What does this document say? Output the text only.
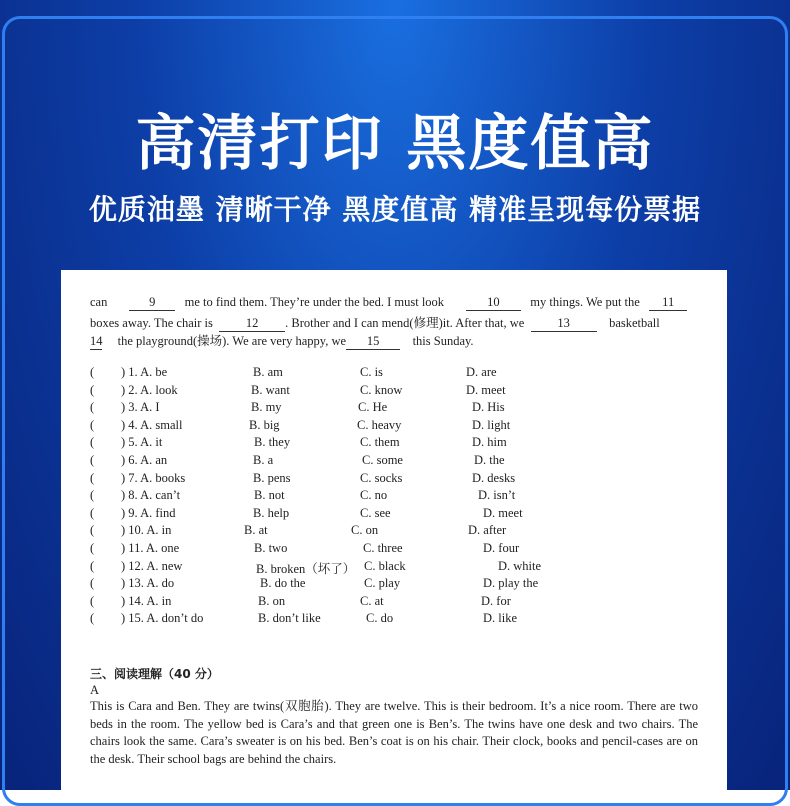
高清打印 黑度值高
优质油墨 清晰干净 黑度值高 精准呈现每份票据
can	9 me to find them. They’re under the bed. I must look	10 my things. We put the 11
boxes away. The chair is	12 . Brother and I can mend(修理)it. After that, we	13	basketball
14 the playground(操场). We are very happy, we 15	this Sunday.
( ) 1. A. be	B. am	C. is	D. are
( ) 2. A. look	B. want	C. know	D. meet
( ) 3. A. I	B. my	C. He	D. His
( ) 4. A. small	B. big	C. heavy	D. light
( ) 5. A. it	B. they	C. them	D. him
( ) 6. A. an	B. a	C. some	D. the
( ) 7. A. books	B. pens	C. socks	D. desks
( ) 8. A. can’t	B. not	C. no	D. isn’t
( ) 9. A. find	B. help	C. see	D. meet
( ) 10. A. in	B. at	C. on	D. after
( ) 11. A. one	B. two	C. three	D. four
( ) 12. A. new	B. broken（坏了） C. black	D. white
( ) 13. A. do	B. do the	C. play	D. play the
( ) 14. A. in	B. on	C. at	D. for
( ) 15. A. don’t do	B. don’t like	C. do	D. like
三、阅读理解（40 分）
A
This is Cara and Ben. They are twins(双胞胎). They are twelve. This is their bedroom. It’s a nice room. There are two beds in the room. The yellow bed is Cara’s and that green one is Ben’s. The twins have one desk and two chairs. The chairs look the same. Cara’s sweater is on his bed. Ben’s coat is on his chair. Their clock, books and pencil-cases are on the desk. Their school bags are behind the chairs.
